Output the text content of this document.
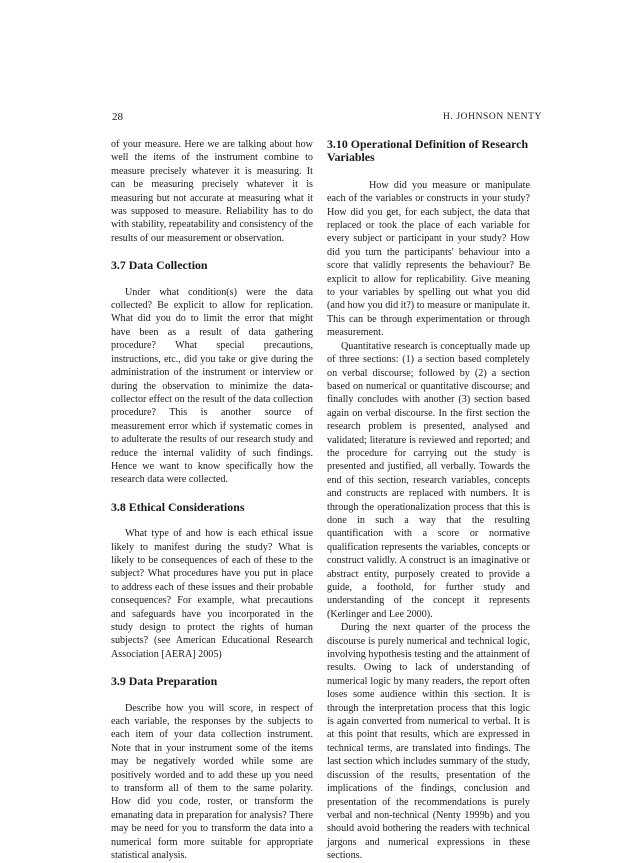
28	H. JOHNSON NENTY

of your measure. Here we are talking about how well the items of the instrument combine to measure precisely whatever it is measuring. It can be measuring precisely whatever it is measuring but not accurate at measuring what it was supposed to measure. Reliability has to do with stability, repeatability and consistency of the results of our measurement or observation.

3.7 Data Collection

Under what condition(s) were the data collected? Be explicit to allow for replication. What did you do to limit the error that might have been as a result of data gathering procedure? What special precautions, instructions, etc., did you take or give during the administration of the instrument or interview or during the observation to minimize the data-collector effect on the result of the data collection procedure? This is another source of measurement error which if systematic comes in to adulterate the results of our research study and reduce the internal validity of such findings. Hence we want to know specifically how the research data were collected.

3.8 Ethical Considerations

What type of and how is each ethical issue likely to manifest during the study? What is likely to be consequences of each of these to the subject? What procedures have you put in place to address each of these issues and their probable consequences? For example, what precautions and safeguards have you incorporated in the study design to protect the rights of human subjects? (see American Educational Research Association [AERA] 2005)

3.9 Data Preparation

Describe how you will score, in respect of each variable, the responses by the subjects to each item of your data collection instrument. Note that in your instrument some of the items may be negatively worded while some are positively worded and to add these up you need to transform all of them to the same polarity. How did you code, roster, or transform the emanating data in preparation for analysis? There may be need for you to transform the data into a numerical form more suitable for appropriate statistical analysis.

3.10 Operational Definition of Research Variables

How did you measure or manipulate each of the variables or constructs in your study? How did you get, for each subject, the data that replaced or took the place of each variable for every subject or participant in your study? How did you turn the participants' behaviour into a score that validly represents the behaviour? Be explicit to allow for replicability. Give meaning to your variables by spelling out what you did (and how you did it?) to measure or manipulate it. This can be through experimentation or through measurement.

Quantitative research is conceptually made up of three sections: (1) a section based completely on verbal discourse; followed by (2) a section based on numerical or quantitative discourse; and finally concludes with another (3) section based again on verbal discourse. In the first section the research problem is presented, analysed and validated; literature is reviewed and reported; and the procedure for carrying out the study is presented and justified, all verbally. Towards the end of this section, research variables, concepts and constructs are replaced with numbers. It is through the operationalization process that this is done in such a way that the resulting quantification with a score or normative qualification represents the variables, concepts or construct validly. A construct is an imaginative or abstract entity, purposely created to provide a guide, a foothold, for further study and understanding of the concept it represents (Kerlinger and Lee 2000).

During the next quarter of the process the discourse is purely numerical and technical logic, involving hypothesis testing and the attainment of results. Owing to lack of understanding of numerical logic by many readers, the report often loses some audience within this section. It is through the interpretation process that this logic is again converted from numerical to verbal. It is at this point that results, which are expressed in technical terms, are translated into findings. The last section which includes summary of the study, discussion of the results, presentation of the implications of the findings, conclusion and presentation of the recommendations is purely verbal and non-technical (Nenty 1999b) and you should avoid bothering the readers with technical jargons and numerical expressions in these sections.
